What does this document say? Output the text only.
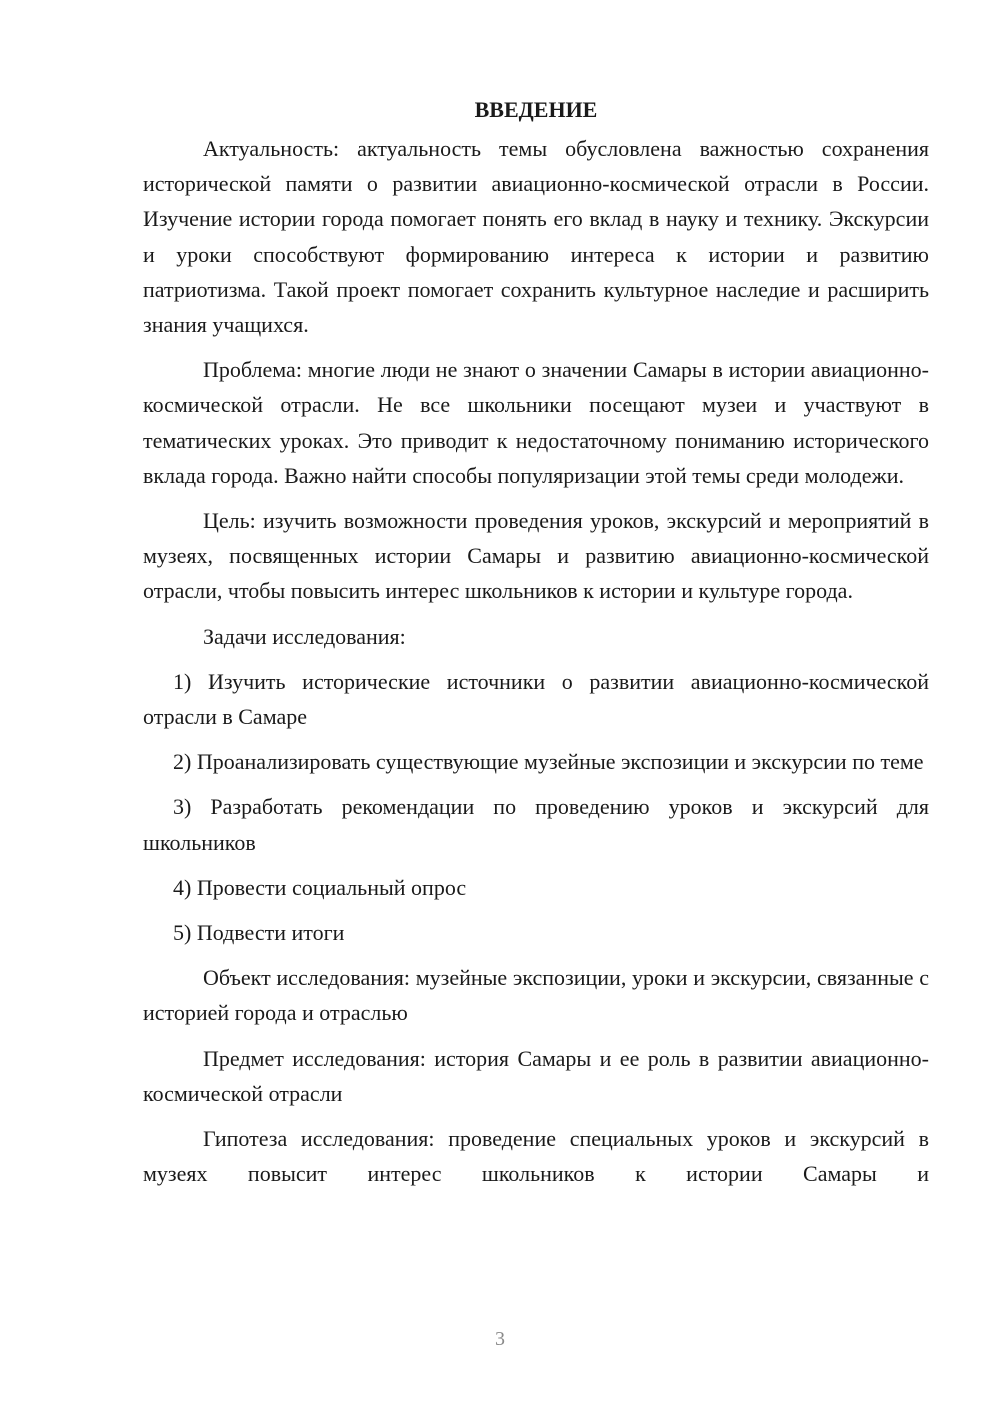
ВВЕДЕНИЕ

Актуальность: актуальность темы обусловлена важностью сохранения исторической памяти о развитии авиационно-космической отрасли в России. Изучение истории города помогает понять его вклад в науку и технику. Экскурсии и уроки способствуют формированию интереса к истории и развитию патриотизма. Такой проект помогает сохранить культурное наследие и расширить знания учащихся.

Проблема: многие люди не знают о значении Самары в истории авиационно-космической отрасли. Не все школьники посещают музеи и участвуют в тематических уроках. Это приводит к недостаточному пониманию исторического вклада города. Важно найти способы популяризации этой темы среди молодежи.

Цель: изучить возможности проведения уроков, экскурсий и мероприятий в музеях, посвященных истории Самары и развитию авиационно-космической отрасли, чтобы повысить интерес школьников к истории и культуре города.

Задачи исследования:

1) Изучить исторические источники о развитии авиационно-космической отрасли в Самаре

2) Проанализировать существующие музейные экспозиции и экскурсии по теме

3) Разработать рекомендации по проведению уроков и экскурсий для школьников

4) Провести социальный опрос

5) Подвести итоги

Объект исследования: музейные экспозиции, уроки и экскурсии, связанные с историей города и отраслью

Предмет исследования: история Самары и ее роль в развитии авиационно-космической отрасли

Гипотеза исследования: проведение специальных уроков и экскурсий в музеях повысит интерес школьников к истории Самары и

3
